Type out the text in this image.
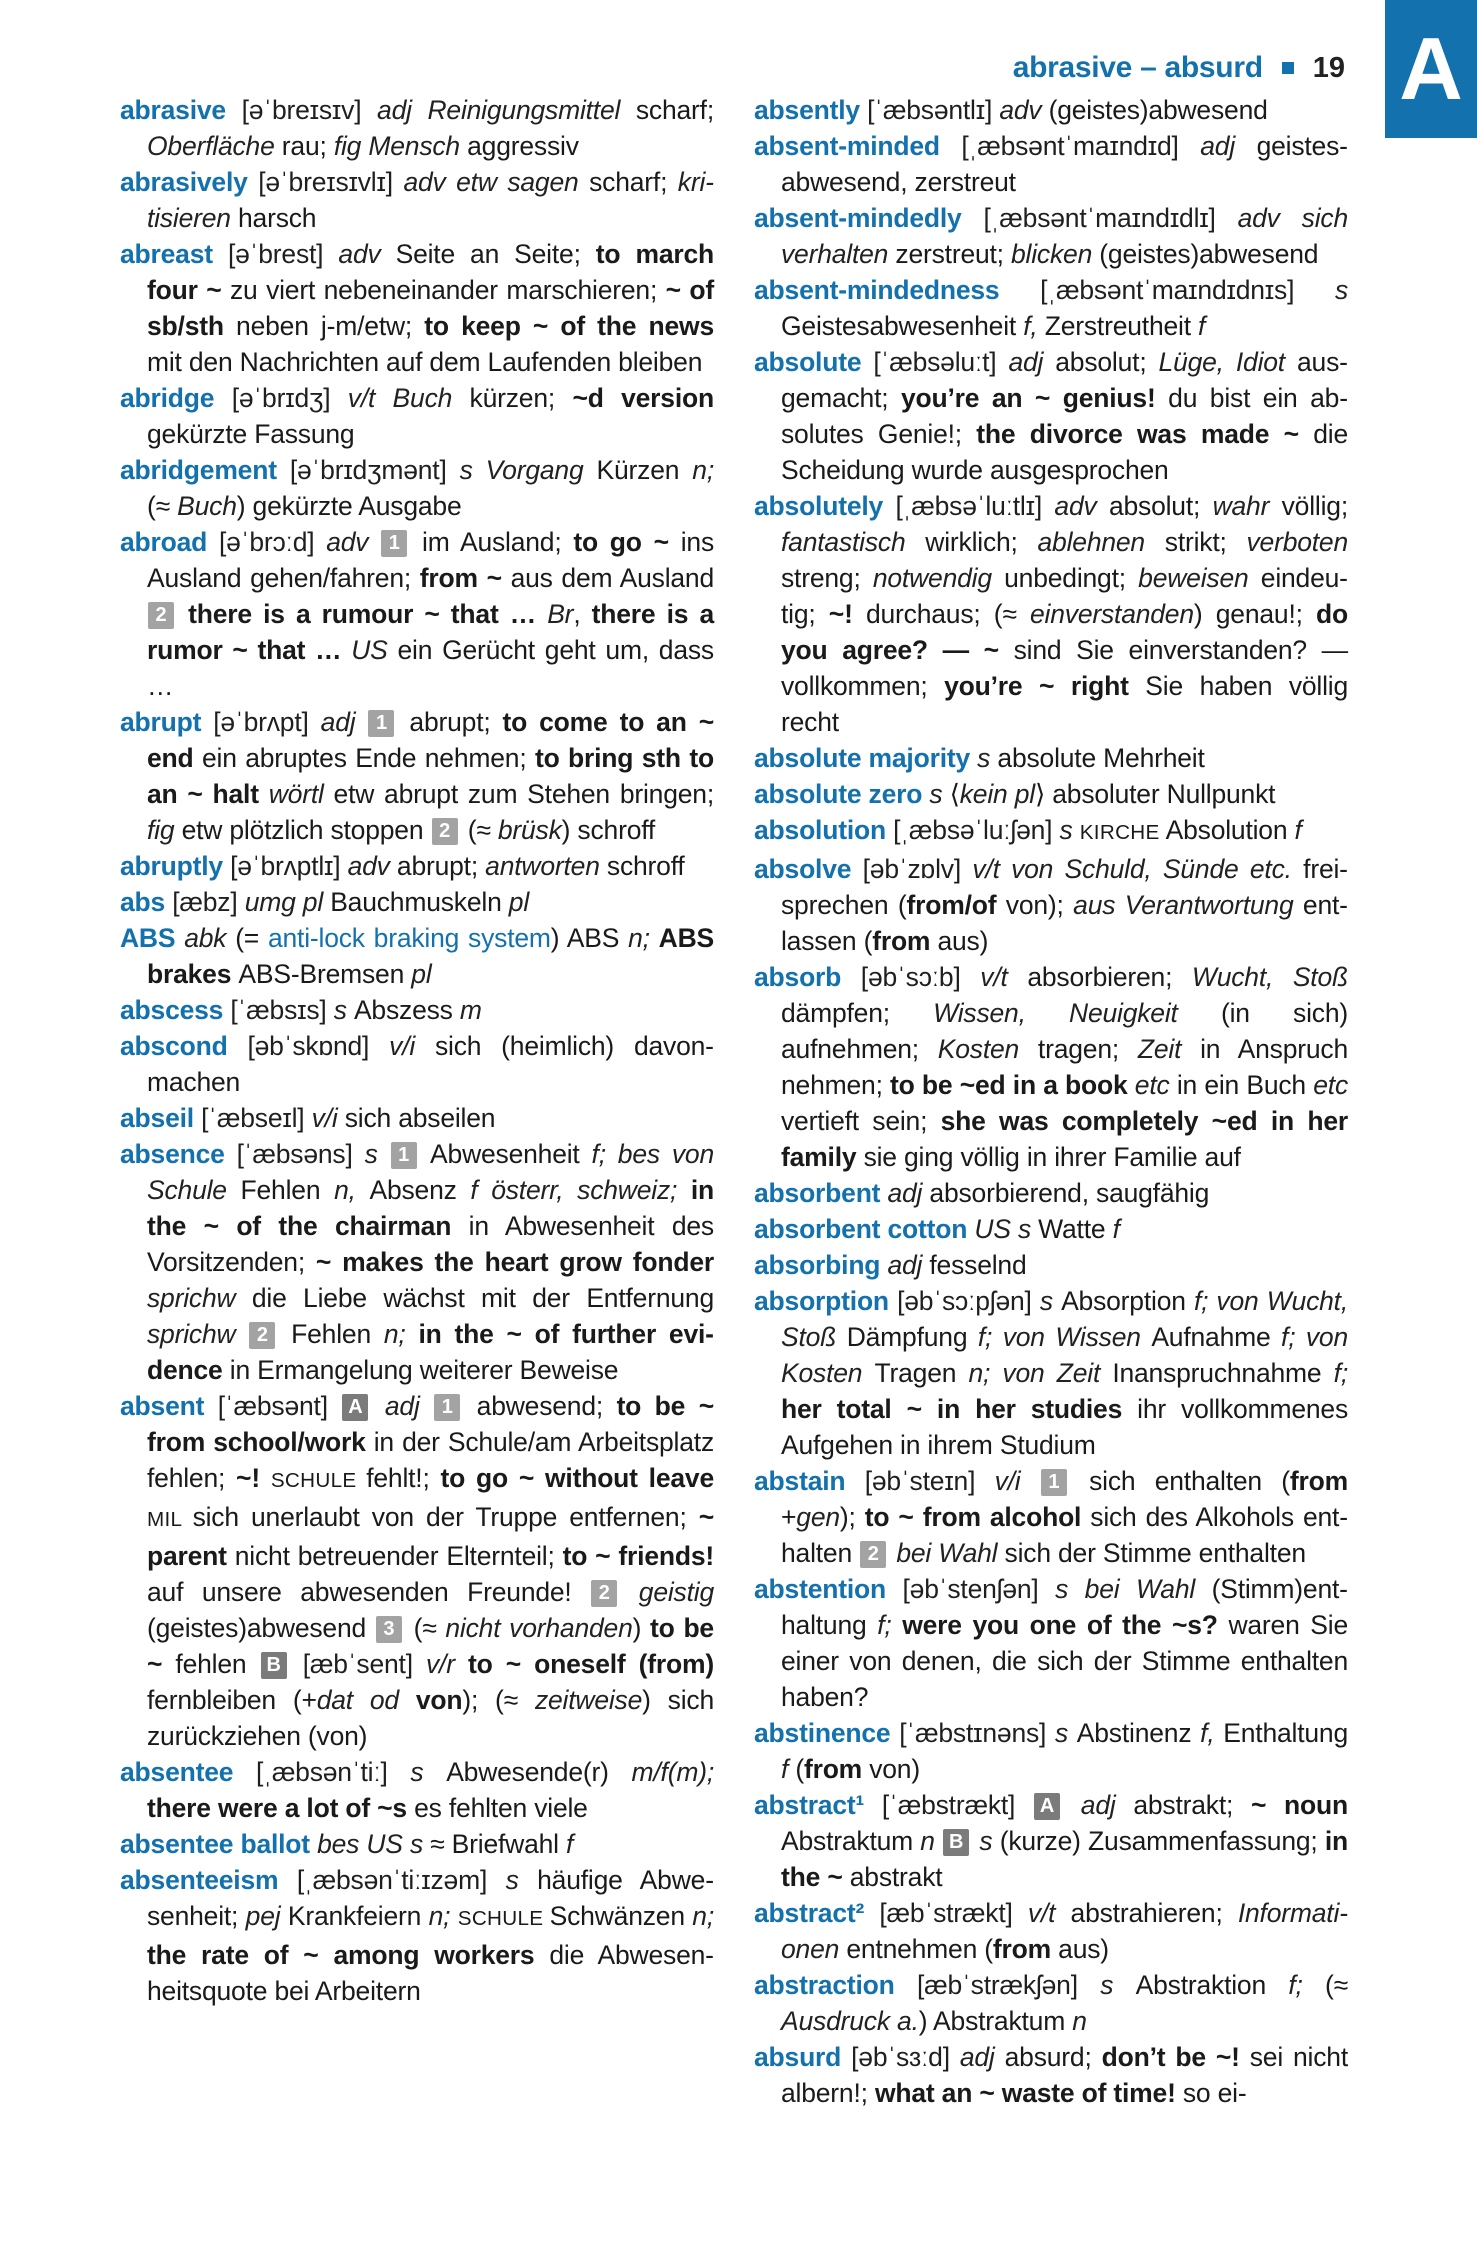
abrasive – absurd 19 A

abrasive [əˈbreɪsɪv] adj Reinigungsmittel scharf; Oberfläche rau; fig Mensch aggressiv

abrasively [əˈbreɪsɪvlɪ] adv etw sagen scharf; kritisieren harsch

abreast [əˈbrest] adv Seite an Seite; to march four ~ zu viert nebeneinander marschieren; ~ of sb/sth neben j-m/etw; to keep ~ of the news mit den Nachrichten auf dem Laufenden bleiben

abridge [əˈbrɪdʒ] v/t Buch kürzen; ~d version gekürzte Fassung

abridgement [əˈbrɪdʒmənt] s Vorgang Kürzen n; (≈ Buch) gekürzte Ausgabe

abroad [əˈbrɔːd] adv 1 im Ausland; to go ~ ins Ausland gehen/fahren; from ~ aus dem Ausland 2 there is a rumour ~ that … Br, there is a rumor ~ that … US ein Gerücht geht um, dass …

abrupt [əˈbrʌpt] adj 1 abrupt; to come to an ~ end ein abruptes Ende nehmen; to bring sth to an ~ halt wörtl etw abrupt zum Stehen bringen; fig etw plötzlich stoppen 2 (≈ brüsk) schroff

abruptly [əˈbrʌptlɪ] adv abrupt; antworten schroff

abs [æbz] umg pl Bauchmuskeln pl

ABS abk (= anti-lock braking system) ABS n; ABS brakes ABS-Bremsen pl

abscess [ˈæbsɪs] s Abszess m

abscond [əbˈskɒnd] v/i sich (heimlich) davonmachen

abseil [ˈæbseɪl] v/i sich abseilen

absence [ˈæbsəns] s 1 Abwesenheit f; bes von Schule Fehlen n, Absenz f österr, schweiz; in the ~ of the chairman in Abwesenheit des Vorsitzenden; ~ makes the heart grow fonder sprichw die Liebe wächst mit der Entfernung sprichw 2 Fehlen n; in the ~ of further evidence in Ermangelung weiterer Beweise

absent [ˈæbsənt] A adj 1 abwesend; to be ~ from school/work in der Schule/am Arbeitsplatz fehlen; ~! SCHULE fehlt!; to go ~ without leave MIL sich unerlaubt von der Truppe entfernen; ~ parent nicht betreuender Elternteil; to ~ friends! auf unsere abwesenden Freunde! 2 geistig (geistes)abwesend 3 (≈ nicht vorhanden) to be ~ fehlen B [æbˈsent] v/r to ~ oneself (from) fernbleiben (+dat od von); (≈ zeitweise) sich zurückziehen (von)

absentee [ˌæbsənˈtiː] s Abwesende(r) m/f(m); there were a lot of ~s es fehlten viele

absentee ballot bes US s ≈ Briefwahl f

absenteeism [ˌæbsənˈtiːɪzəm] s häufige Abwesenheit; pej Krankfeiern n; SCHULE Schwänzen n; the rate of ~ among workers die Abwesenheitsquote bei Arbeitern

absently [ˈæbsəntlɪ] adv (geistes)abwesend

absent-minded [ˌæbsəntˈmaɪndɪd] adj geistesabwesend, zerstreut

absent-mindedly [ˌæbsəntˈmaɪndɪdlɪ] adv sich verhalten zerstreut; blicken (geistes)abwesend

absent-mindedness [ˌæbsəntˈmaɪndɪdnɪs] s Geistesabwesenheit f, Zerstreutheit f

absolute [ˈæbsəluːt] adj absolut; Lüge, Idiot ausgemacht; you’re an ~ genius! du bist ein absolutes Genie!; the divorce was made ~ die Scheidung wurde ausgesprochen

absolutely [ˌæbsəˈluːtlɪ] adv absolut; wahr völlig; fantastisch wirklich; ablehnen strikt; verboten streng; notwendig unbedingt; beweisen eindeutig; ~! durchaus; (≈ einverstanden) genau!; do you agree? — ~ sind Sie einverstanden? — vollkommen; you’re ~ right Sie haben völlig recht

absolute majority s absolute Mehrheit

absolute zero s ⟨kein pl⟩ absoluter Nullpunkt

absolution [ˌæbsəˈluːʃən] s KIRCHE Absolution f

absolve [əbˈzɒlv] v/t von Schuld, Sünde etc. freisprechen (from/of von); aus Verantwortung entlassen (from aus)

absorb [əbˈsɔːb] v/t absorbieren; Wucht, Stoß dämpfen; Wissen, Neuigkeit (in sich) aufnehmen; Kosten tragen; Zeit in Anspruch nehmen; to be ~ed in a book etc in ein Buch etc vertieft sein; she was completely ~ed in her family sie ging völlig in ihrer Familie auf

absorbent adj absorbierend, saugfähig

absorbent cotton US s Watte f

absorbing adj fesselnd

absorption [əbˈsɔːpʃən] s Absorption f; von Wucht, Stoß Dämpfung f; von Wissen Aufnahme f; von Kosten Tragen n; von Zeit Inanspruchnahme f; her total ~ in her studies ihr vollkommenes Aufgehen in ihrem Studium

abstain [əbˈsteɪn] v/i 1 sich enthalten (from +gen); to ~ from alcohol sich des Alkohols enthalten 2 bei Wahl sich der Stimme enthalten

abstention [əbˈstenʃən] s bei Wahl (Stimm)enthaltung f; were you one of the ~s? waren Sie einer von denen, die sich der Stimme enthalten haben?

abstinence [ˈæbstɪnəns] s Abstinenz f, Enthaltung f (from von)

abstract¹ [ˈæbstrækt] A adj abstrakt; ~ noun Abstraktum n B s (kurze) Zusammenfassung; in the ~ abstrakt

abstract² [æbˈstrækt] v/t abstrahieren; Informationen entnehmen (from aus)

abstraction [æbˈstrækʃən] s Abstraktion f; (≈ Ausdruck a.) Abstraktum n

absurd [əbˈsɜːd] adj absurd; don’t be ~! sei nicht albern!; what an ~ waste of time! so ei-
